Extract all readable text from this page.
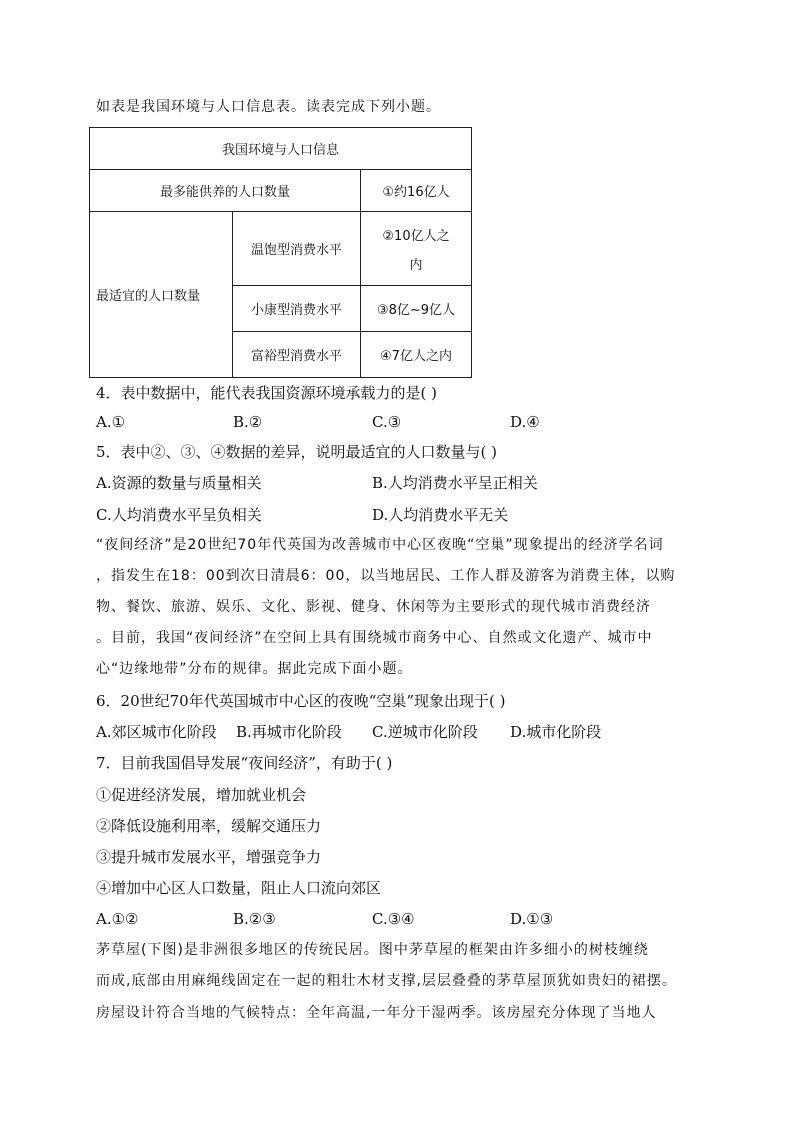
如表是我国环境与人口信息表。读表完成下列小题。
我国环境与人口信息		
最多能供养的人口数量		①约16亿人
最适宜的人口数量	温饱型消费水平	②10亿人之
内

	小康型消费水平	③8亿~9亿人
	富裕型消费水平	④7亿人之内
4．表中数据中，能代表我国资源环境承载力的是( )
A.①	B.②	C.③	D.④
5．表中②、③、④数据的差异，说明最适宜的人口数量与( )
A.资源的数量与质量相关	B.人均消费水平呈正相关
C.人均消费水平呈负相关	D.人均消费水平无关
“夜间经济”是20世纪70年代英国为改善城市中心区夜晚“空巢”现象提出的经济学名词
，指发生在18：00到次日清晨6：00，以当地居民、工作人群及游客为消费主体，以购
物、餐饮、旅游、娱乐、文化、影视、健身、休闲等为主要形式的现代城市消费经济
。目前，我国“夜间经济”在空间上具有围绕城市商务中心、自然或文化遗产、城市中
心“边缘地带”分布的规律。据此完成下面小题。
6．20世纪70年代英国城市中心区的夜晚“空巢”现象出现于( )
A.郊区城市化阶段 B.再城市化阶段 C.逆城市化阶段 D.城市化阶段
7．目前我国倡导发展“夜间经济”，有助于( )
①促进经济发展，增加就业机会
②降低设施利用率，缓解交通压力
③提升城市发展水平，增强竞争力
④增加中心区人口数量，阻止人口流向郊区
A.①②	B.②③	C.③④	D.①③
茅草屋(下图)是非洲很多地区的传统民居。图中茅草屋的框架由许多细小的树枝缠绕
而成,底部由用麻绳线固定在一起的粗壮木材支撑,层层叠叠的茅草屋顶犹如贵妇的裙摆。
房屋设计符合当地的气候特点：全年高温,一年分干湿两季。该房屋充分体现了当地人
